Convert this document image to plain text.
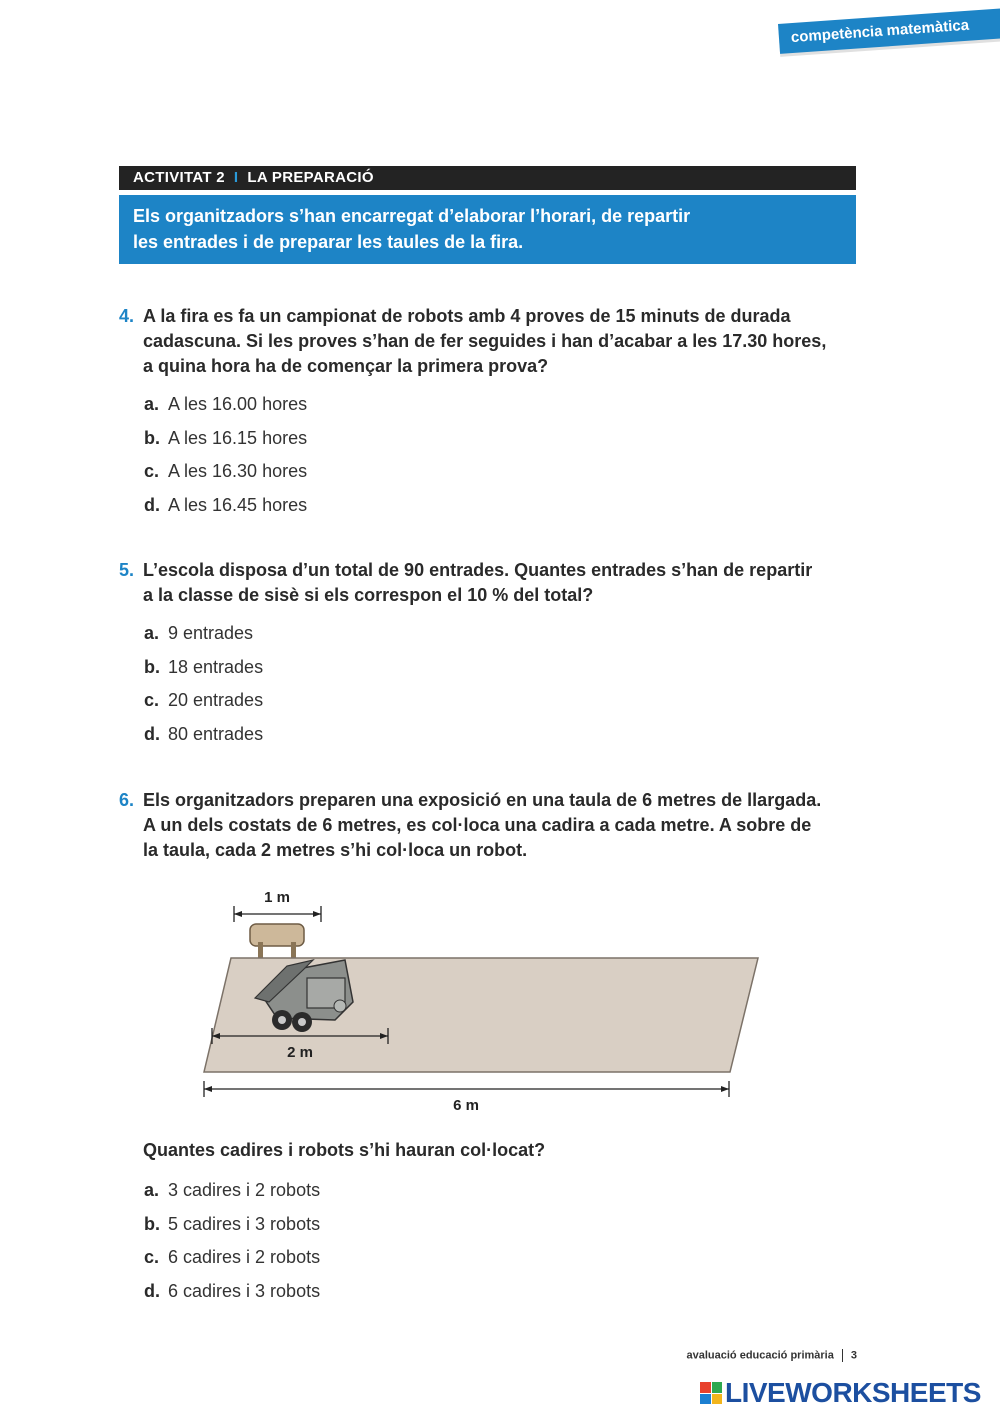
competència matemàtica
ACTIVITAT 2 I LA PREPARACIÓ
Els organitzadors s’han encarregat d’elaborar l’horari, de repartir
les entrades i de preparar les taules de la fira.
4. A la fira es fa un campionat de robots amb 4 proves de 15 minuts de durada
cadascuna. Si les proves s’han de fer seguides i han d’acabar a les 17.30 hores,
a quina hora ha de començar la primera prova?
a. A les 16.00 hores
b. A les 16.15 hores
c. A les 16.30 hores
d. A les 16.45 hores
5. L’escola disposa d’un total de 90 entrades. Quantes entrades s’han de repartir
a la classe de sisè si els correspon el 10 % del total?
a. 9 entrades
b. 18 entrades
c. 20 entrades
d. 80 entrades
6. Els organitzadors preparen una exposició en una taula de 6 metres de llargada.
A un dels costats de 6 metres, es col·loca una cadira a cada metre. A sobre de
la taula, cada 2 metres s’hi col·loca un robot.
1 m
2 m
6 m
Quantes cadires i robots s’hi hauran col·locat?
a. 3 cadires i 2 robots
b. 5 cadires i 3 robots
c. 6 cadires i 2 robots
d. 6 cadires i 3 robots
avaluació educació primària 3
LIVEWORKSHEETS
